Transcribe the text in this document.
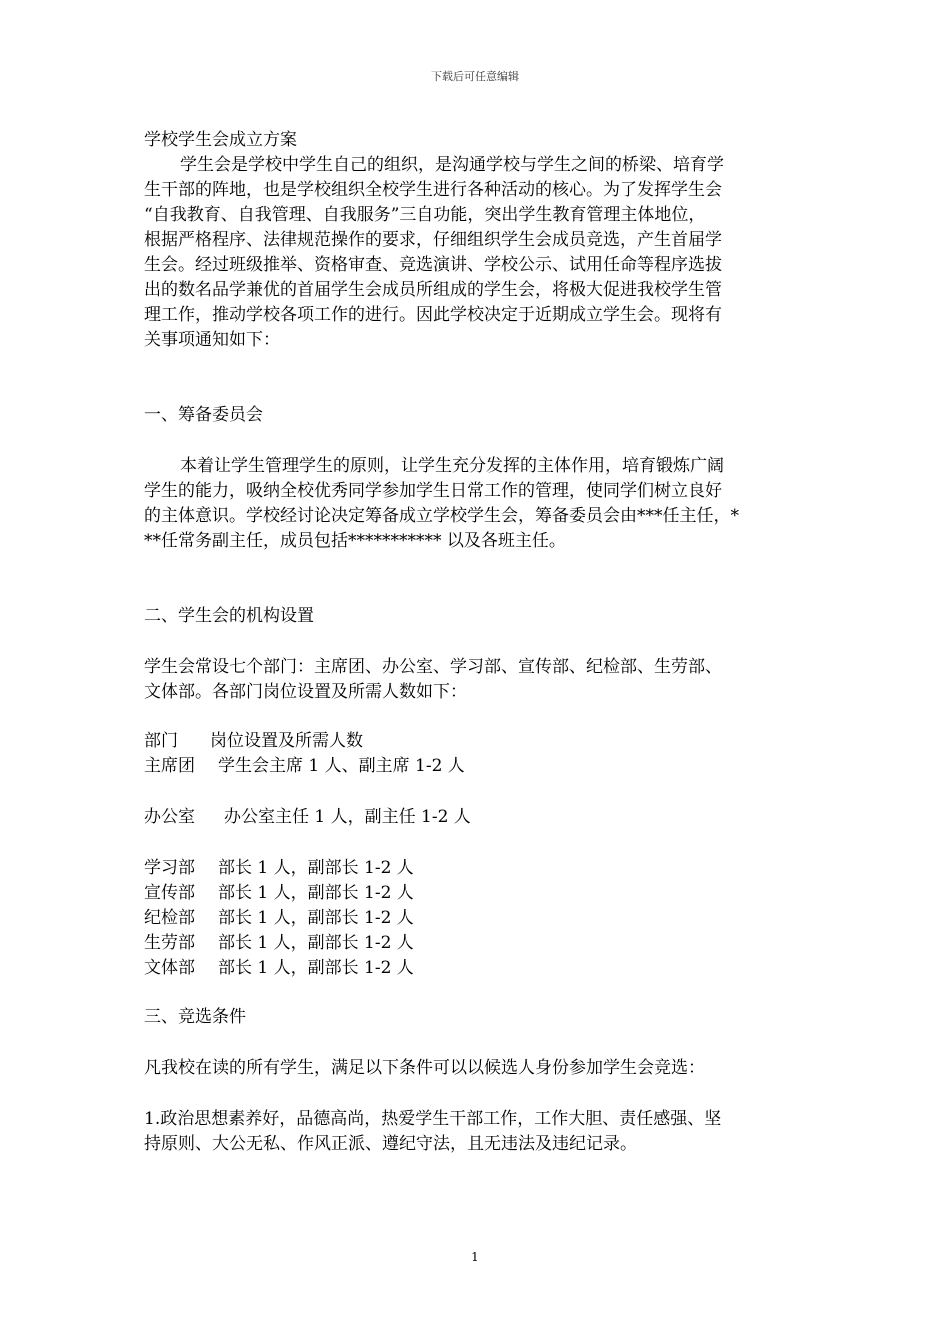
下载后可任意编辑
学校学生会成立方案
学生会是学校中学生自己的组织，是沟通学校与学生之间的桥梁、培育学
生干部的阵地，也是学校组织全校学生进行各种活动的核心。为了发挥学生会
“自我教育、自我管理、自我服务”三自功能，突出学生教育管理主体地位，
根据严格程序、法律规范操作的要求，仔细组织学生会成员竞选，产生首届学
生会。经过班级推举、资格审查、竞选演讲、学校公示、试用任命等程序选拔
出的数名品学兼优的首届学生会成员所组成的学生会，将极大促进我校学生管
理工作，推动学校各项工作的进行。因此学校决定于近期成立学生会。现将有
关事项通知如下：
一、筹备委员会
本着让学生管理学生的原则，让学生充分发挥的主体作用，培育锻炼广阔
学生的能力，吸纳全校优秀同学参加学生日常工作的管理，使同学们树立良好
的主体意识。学校经讨论决定筹备成立学校学生会，筹备委员会由***任主任，*
**任常务副主任，成员包括*********** 以及各班主任。
二、学生会的机构设置
学生会常设七个部门：主席团、办公室、学习部、宣传部、纪检部、生劳部、
文体部。各部门岗位设置及所需人数如下：
部门	岗位设置及所需人数
主席团	学生会主席 1 人、副主席 1-2 人
办公室	办公室主任 1 人，副主任 1-2 人
学习部	部长 1 人，副部长 1-2 人
宣传部	部长 1 人，副部长 1-2 人
纪检部	部长 1 人，副部长 1-2 人
生劳部	部长 1 人，副部长 1-2 人
文体部	部长 1 人，副部长 1-2 人
三、竞选条件
凡我校在读的所有学生，满足以下条件可以以候选人身份参加学生会竞选：
1.政治思想素养好，品德高尚，热爱学生干部工作，工作大胆、责任感强、坚
持原则、大公无私、作风正派、遵纪守法，且无违法及违纪记录。
1
